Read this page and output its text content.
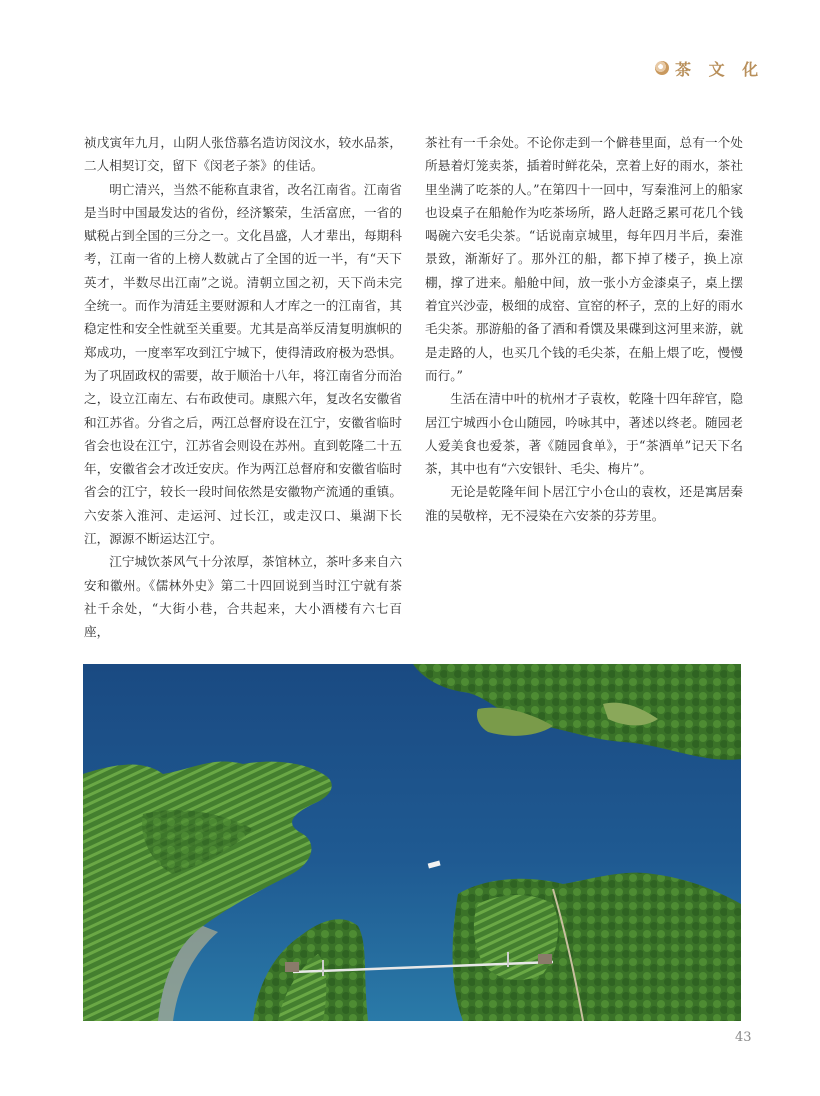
茶 文 化

祯戊寅年九月，山阴人张岱慕名造访闵汶水，较水品茶，二人相契订交，留下《闵老子茶》的佳话。

明亡清兴，当然不能称直隶省，改名江南省。江南省是当时中国最发达的省份，经济繁荣，生活富庶，一省的赋税占到全国的三分之一。文化昌盛，人才辈出，每期科考，江南一省的上榜人数就占了全国的近一半，有“天下英才，半数尽出江南”之说。清朝立国之初，天下尚未完全统一。而作为清廷主要财源和人才库之一的江南省，其稳定性和安全性就至关重要。尤其是高举反清复明旗帜的郑成功，一度率军攻到江宁城下，使得清政府极为恐惧。为了巩固政权的需要，故于顺治十八年，将江南省分而治之，设立江南左、右布政使司。康熙六年，复改名安徽省和江苏省。分省之后，两江总督府设在江宁，安徽省临时省会也设在江宁，江苏省会则设在苏州。直到乾隆二十五年，安徽省会才改迁安庆。作为两江总督府和安徽省临时省会的江宁，较长一段时间依然是安徽物产流通的重镇。六安茶入淮河、走运河、过长江，或走汉口、巢湖下长江，源源不断运达江宁。

江宁城饮茶风气十分浓厚，茶馆林立，茶叶多来自六安和徽州。《儒林外史》第二十四回说到当时江宁就有茶社千余处，“大街小巷，合共起来，大小酒楼有六七百座，

茶社有一千余处。不论你走到一个僻巷里面，总有一个处所悬着灯笼卖茶，插着时鲜花朵，烹着上好的雨水，茶社里坐满了吃茶的人。”在第四十一回中，写秦淮河上的船家也设桌子在船舱作为吃茶场所，路人赶路乏累可花几个钱喝碗六安毛尖茶。“话说南京城里，每年四月半后，秦淮景致，渐渐好了。那外江的船，都下掉了楼子，换上凉棚，撑了进来。船舱中间，放一张小方金漆桌子，桌上摆着宜兴沙壶，极细的成窑、宣窑的杯子，烹的上好的雨水毛尖茶。那游船的备了酒和肴馔及果碟到这河里来游，就是走路的人，也买几个钱的毛尖茶，在船上煨了吃，慢慢而行。”

生活在清中叶的杭州才子袁枚，乾隆十四年辞官，隐居江宁城西小仓山随园，吟咏其中，著述以终老。随园老人爱美食也爱茶，著《随园食单》，于“茶酒单”记天下名茶，其中也有“六安银针、毛尖、梅片”。

无论是乾隆年间卜居江宁小仓山的袁枚，还是寓居秦淮的吴敬梓，无不浸染在六安茶的芬芳里。

43
